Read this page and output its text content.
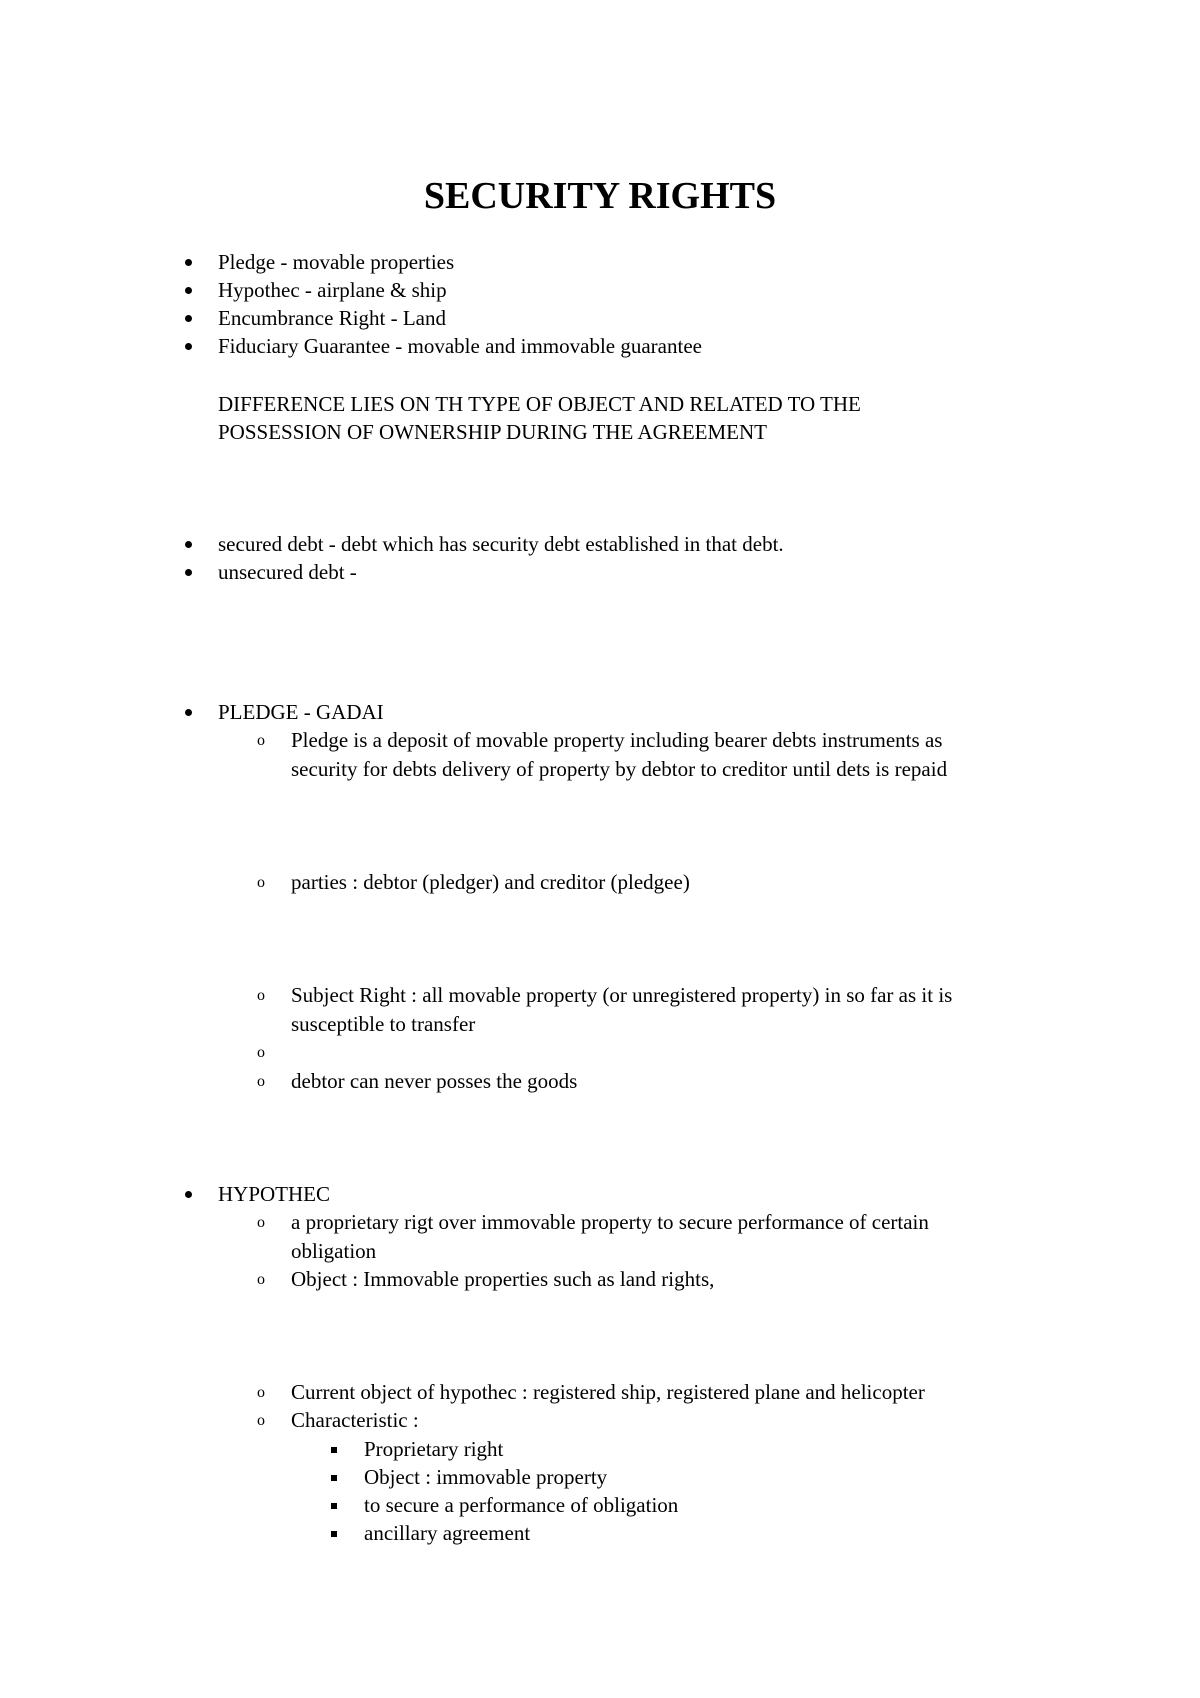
SECURITY RIGHTS
Pledge - movable properties
Hypothec - airplane & ship
Encumbrance Right - Land
Fiduciary Guarantee - movable and immovable guarantee
DIFFERENCE LIES ON TH TYPE OF OBJECT AND RELATED TO THE
POSSESSION OF OWNERSHIP DURING THE AGREEMENT
secured debt - debt which has security debt established in that debt.
unsecured debt -
PLEDGE - GADAI
o Pledge is a deposit of movable property including bearer debts instruments as
security for debts delivery of property by debtor to creditor until dets is repaid
o parties : debtor (pledger) and creditor (pledgee)
o Subject Right : all movable property (or unregistered property) in so far as it is
susceptible to transfer
o
o debtor can never posses the goods
HYPOTHEC
o a proprietary rigt over immovable property to secure performance of certain
obligation
o Object : Immovable properties such as land rights,
o Current object of hypothec : registered ship, registered plane and helicopter
o Characteristic :
Proprietary right
Object : immovable property
to secure a performance of obligation
ancillary agreement
